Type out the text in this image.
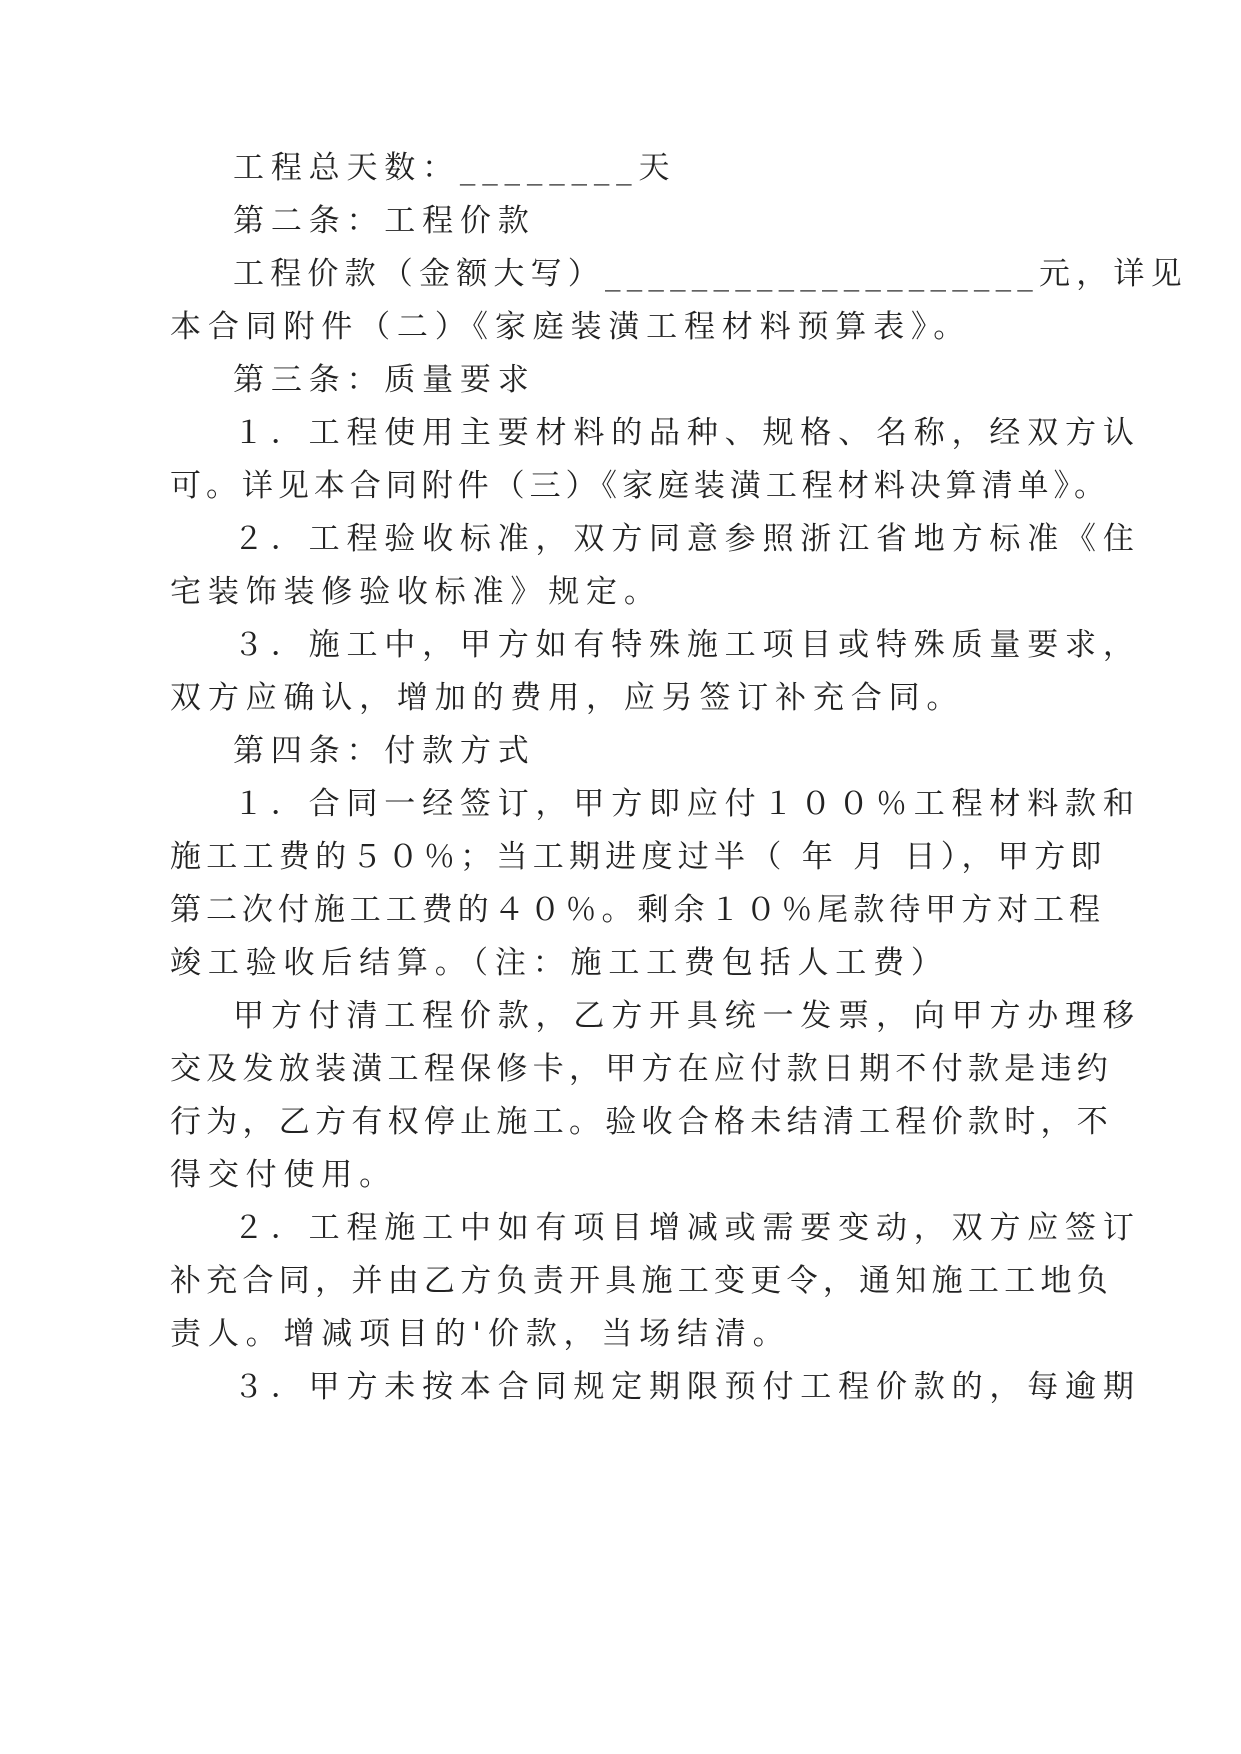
工程总天数：________天
第二条：工程价款
工程价款（金额大写）____________________元，详见
本合同附件（二）《家庭装潢工程材料预算表》。
第三条：质量要求
１．工程使用主要材料的品种、规格、名称，经双方认
可。详见本合同附件（三）《家庭装潢工程材料决算清单》。
２．工程验收标准，双方同意参照浙江省地方标准《住
宅装饰装修验收标准》规定。
３．施工中，甲方如有特殊施工项目或特殊质量要求，
双方应确认，增加的费用，应另签订补充合同。
第四条：付款方式
１．合同一经签订，甲方即应付１００％工程材料款和
施工工费的５０％；当工期进度过半（ 年 月 日），甲方即
第二次付施工工费的４０％。剩余１０％尾款待甲方对工程
竣工验收后结算。（注：施工工费包括人工费）
甲方付清工程价款，乙方开具统一发票，向甲方办理移
交及发放装潢工程保修卡，甲方在应付款日期不付款是违约
行为，乙方有权停止施工。验收合格未结清工程价款时，不
得交付使用。
２．工程施工中如有项目增减或需要变动，双方应签订
补充合同，并由乙方负责开具施工变更令，通知施工工地负
责人。增减项目的'价款，当场结清。
３．甲方未按本合同规定期限预付工程价款的，每逾期
